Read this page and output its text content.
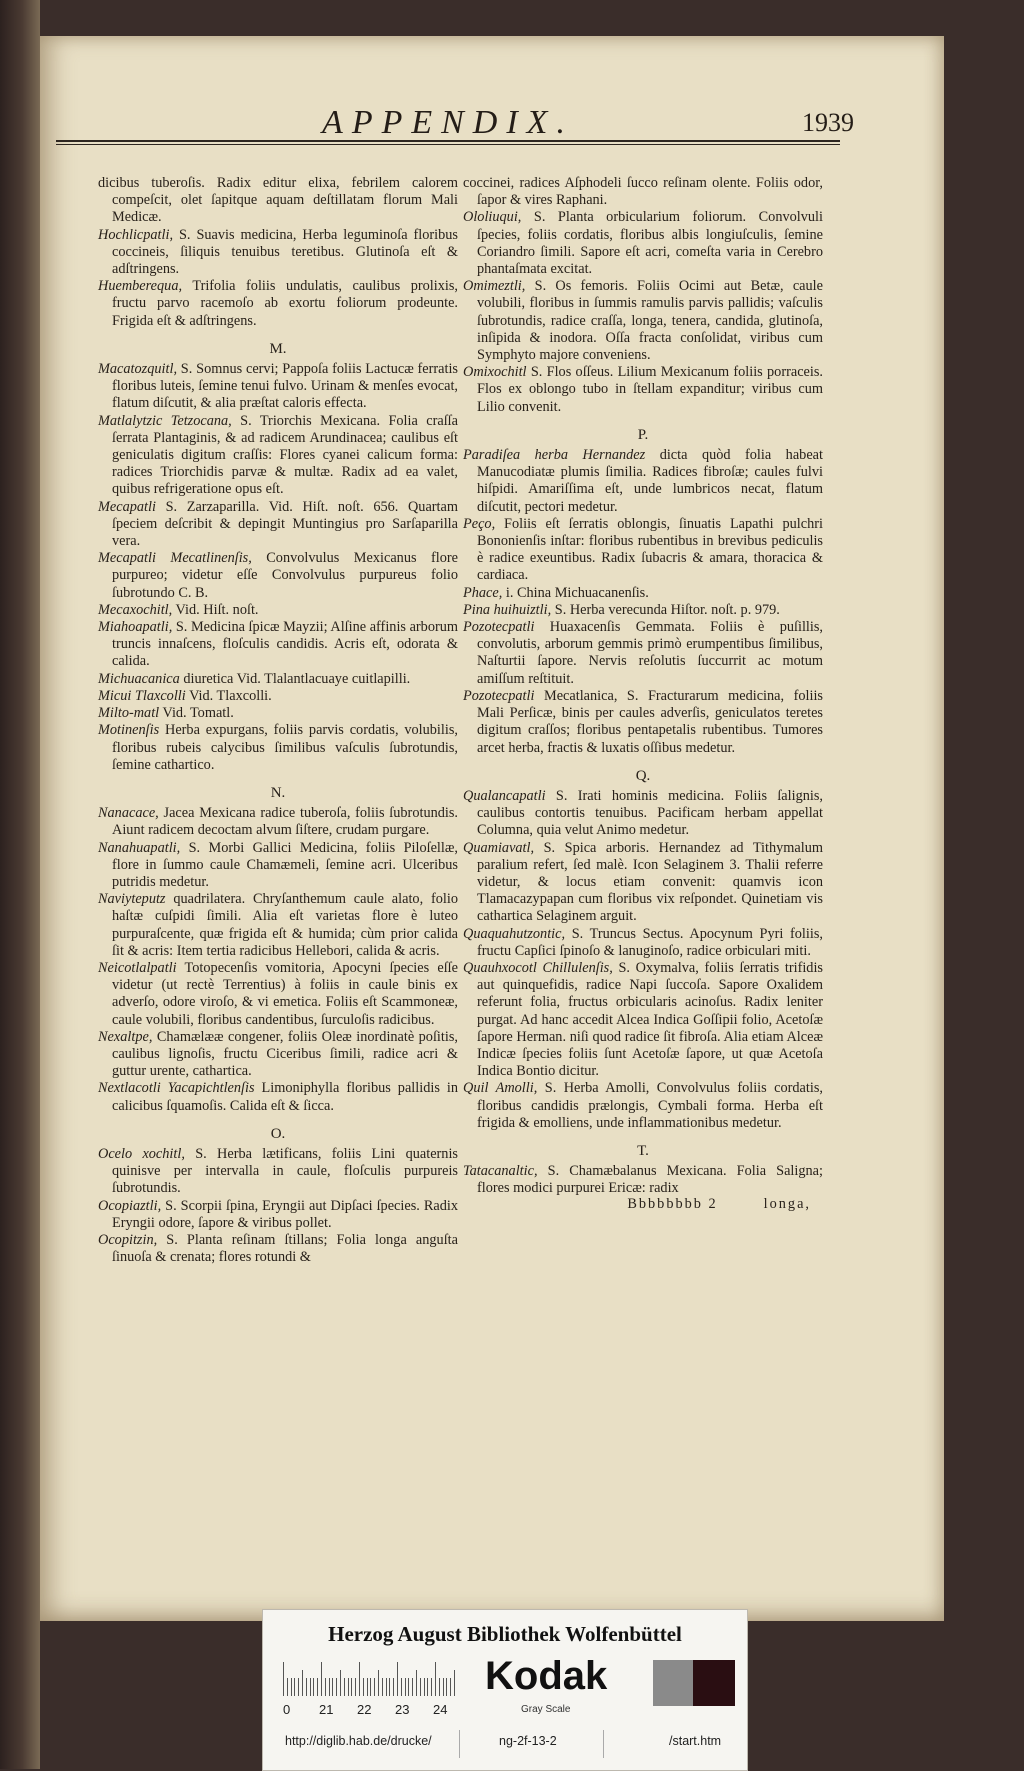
APPENDIX.	1939

dicibus tuberoſis. Radix editur elixa, febrilem calorem compeſcit, olet ſapitque aquam deſtillatam florum Mali Medicæ.

Hochlicpatli, S. Suavis medicina, Herba leguminoſa floribus coccineis, ſiliquis tenuibus teretibus. Glutinoſa eſt & adſtringens.

Huemberequa, Trifolia foliis undulatis, caulibus prolixis, fructu parvo racemoſo ab exortu foliorum prodeunte. Frigida eſt & adſtringens.

M.

Macatozquitl, S. Somnus cervi; Pappoſa foliis Lactucæ ferratis floribus luteis, ſemine tenui fulvo. Urinam & menſes evocat, flatum diſcutit, & alia præſtat caloris effecta.

Matlalytzic Tetzocana, S. Triorchis Mexicana. Folia craſſa ſerrata Plantaginis, & ad radicem Arundinacea; caulibus eſt geniculatis digitum craſſis: Flores cyanei calicum forma: radices Triorchidis parvæ & multæ. Radix ad ea valet, quibus refrigeratione opus eſt.

Mecapatli S. Zarzaparilla. Vid. Hiſt. noſt. 656. Quartam ſpeciem deſcribit & depingit Muntingius pro Sarſaparilla vera.

Mecapatli Mecatlinenſis, Convolvulus Mexicanus flore purpureo; videtur eſſe Convolvulus purpureus folio ſubrotundo C. B.

Mecaxochitl, Vid. Hiſt. noſt.

Miahoapatli, S. Medicina ſpicæ Mayzii; Alſine affinis arborum truncis innaſcens, floſculis candidis. Acris eſt, odorata & calida.

Michuacanica diuretica Vid. Tlalantlacuaye cuitlapilli.

Micui Tlaxcolli Vid. Tlaxcolli.

Milto-matl Vid. Tomatl.

Motinenſis Herba expurgans, foliis parvis cordatis, volubilis, floribus rubeis calycibus ſimilibus vaſculis ſubrotundis, ſemine cathartico.

N.

Nanacace, Jacea Mexicana radice tuberoſa, foliis ſubrotundis. Aiunt radicem decoctam alvum ſiſtere, crudam purgare.

Nanahuapatli, S. Morbi Gallici Medicina, foliis Piloſellæ, flore in ſummo caule Chamæmeli, ſemine acri. Ulceribus putridis medetur.

Naviyteputz quadrilatera. Chryſanthemum caule alato, folio haſtæ cuſpidi ſimili. Alia eſt varietas flore è luteo purpuraſcente, quæ frigida eſt & humida; cùm prior calida ſit & acris: Item tertia radicibus Hellebori, calida & acris.

Neicotlalpatli Totopecenſis vomitoria, Apocyni ſpecies eſſe videtur (ut rectè Terrentius) à foliis in caule binis ex adverſo, odore viroſo, & vi emetica. Foliis eſt Scammoneæ, caule volubili, floribus candentibus, ſurculoſis radicibus.

Nexaltpe, Chamælææ congener, foliis Oleæ inordinatè poſitis, caulibus lignoſis, fructu Ciceribus ſimili, radice acri & guttur urente, cathartica.

Nextlacotli Yacapichtlenſis Limoniphylla floribus pallidis in calicibus ſquamoſis. Calida eſt & ſicca.

O.

Ocelo xochitl, S. Herba lætificans, foliis Lini quaternis quinisve per intervalla in caule, floſculis purpureis ſubrotundis.

Ocopiaztli, S. Scorpii ſpina, Eryngii aut Dipſaci ſpecies. Radix Eryngii odore, ſapore & viribus pollet.

Ocopitzin, S. Planta reſinam ſtillans; Folia longa anguſta ſinuoſa & crenata; flores rotundi &

coccinei, radices Aſphodeli ſucco reſinam olente. Foliis odor, ſapor & vires Raphani.

Ololiuqui, S. Planta orbicularium foliorum. Convolvuli ſpecies, foliis cordatis, floribus albis longiuſculis, ſemine Coriandro ſimili. Sapore eſt acri, comeſta varia in Cerebro phantaſmata excitat.

Omimeztli, S. Os femoris. Foliis Ocimi aut Betæ, caule volubili, floribus in ſummis ramulis parvis pallidis; vaſculis ſubrotundis, radice craſſa, longa, tenera, candida, glutinoſa, inſipida & inodora. Oſſa fracta conſolidat, viribus cum Symphyto majore conveniens.

Omixochitl S. Flos oſſeus. Lilium Mexicanum foliis porraceis. Flos ex oblongo tubo in ſtellam expanditur; viribus cum Lilio convenit.

P.

Paradiſea herba Hernandez dicta quòd folia habeat Manucodiatæ plumis ſimilia. Radices fibroſæ; caules fulvi hiſpidi. Amariſſima eſt, unde lumbricos necat, flatum diſcutit, pectori medetur.

Peço, Foliis eſt ſerratis oblongis, ſinuatis Lapathi pulchri Bononienſis inſtar: floribus rubentibus in brevibus pediculis è radice exeuntibus. Radix ſubacris & amara, thoracica & cardiaca.

Phace, i. China Michuacanenſis.

Pina huihuiztli, S. Herba verecunda Hiſtor. noſt. p. 979.

Pozotecpatli Huaxacenſis Gemmata. Foliis è puſillis, convolutis, arborum gemmis primò erumpentibus ſimilibus, Naſturtii ſapore. Nervis reſolutis ſuccurrit ac motum amiſſum reſtituit.

Pozotecpatli Mecatlanica, S. Fracturarum medicina, foliis Mali Perſicæ, binis per caules adverſis, geniculatos teretes digitum craſſos; floribus pentapetalis rubentibus. Tumores arcet herba, fractis & luxatis oſſibus medetur.

Q.

Qualancapatli S. Irati hominis medicina. Foliis ſalignis, caulibus contortis tenuibus. Pacificam herbam appellat Columna, quia velut Animo medetur.

Quamiavatl, S. Spica arboris. Hernandez ad Tithymalum paralium refert, ſed malè. Icon Selaginem 3. Thalii referre videtur, & locus etiam convenit: quamvis icon Tlamacazypapan cum floribus vix reſpondet. Quinetiam vis cathartica Selaginem arguit.

Quaquahutzontic, S. Truncus Sectus. Apocynum Pyri foliis, fructu Capſici ſpinoſo & lanuginoſo, radice orbiculari miti.

Quauhxocotl Chillulenſis, S. Oxymalva, foliis ſerratis trifidis aut quinquefidis, radice Napi ſuccoſa. Sapore Oxalidem referunt folia, fructus orbicularis acinoſus. Radix leniter purgat. Ad hanc accedit Alcea Indica Goſſipii folio, Acetoſæ ſapore Herman. niſi quod radice ſit fibroſa. Alia etiam Alceæ Indicæ ſpecies foliis ſunt Acetoſæ ſapore, ut quæ Acetoſa Indica Bontio dicitur.

Quil Amolli, S. Herba Amolli, Convolvulus foliis cordatis, floribus candidis prælongis, Cymbali forma. Herba eſt frigida & emolliens, unde inflammationibus medetur.

T.

Tatacanaltic, S. Chamæbalanus Mexicana. Folia Saligna; flores modici purpurei Ericæ: radix

Bbbbbbbb 2	longa,
Herzog August Bibliothek Wolfenbüttel
0 21 22 23 24
Kodak
Gray Scale
http://diglib.hab.de/drucke/	ng-2f-13-2	/start.htm
